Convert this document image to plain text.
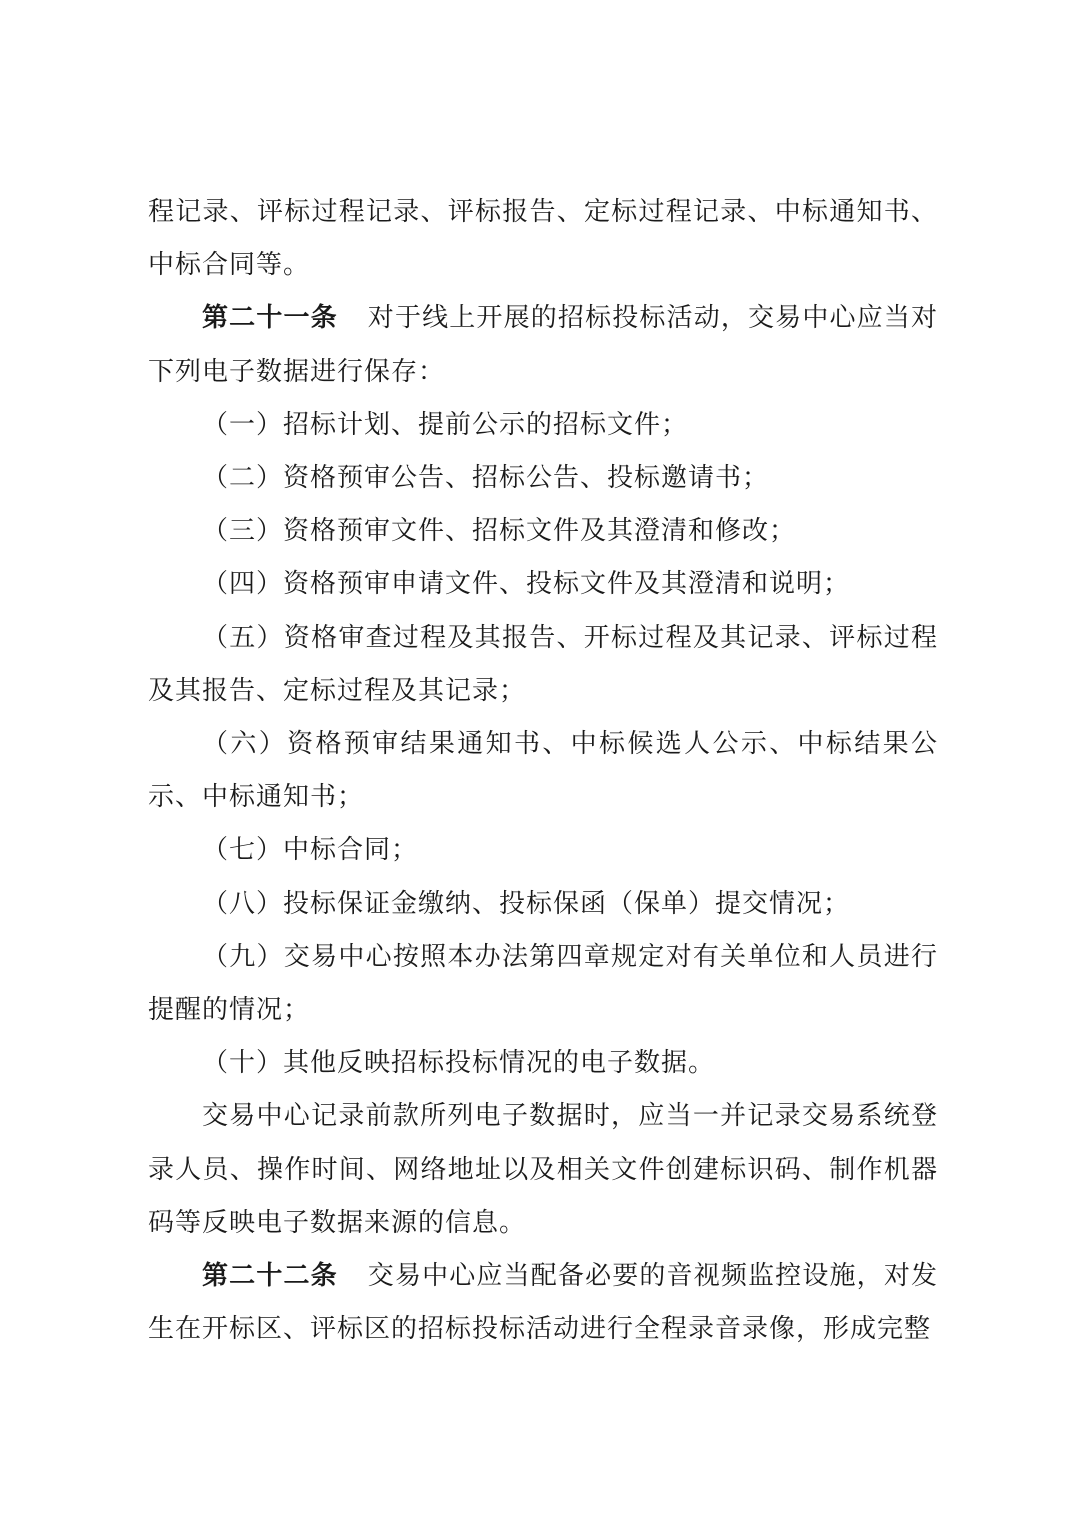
程记录、评标过程记录、评标报告、定标过程记录、中标通知书、中标合同等。

第二十一条 对于线上开展的招标投标活动，交易中心应当对下列电子数据进行保存：

（一）招标计划、提前公示的招标文件；

（二）资格预审公告、招标公告、投标邀请书；

（三）资格预审文件、招标文件及其澄清和修改；

（四）资格预审申请文件、投标文件及其澄清和说明；

（五）资格审查过程及其报告、开标过程及其记录、评标过程及其报告、定标过程及其记录；

（六）资格预审结果通知书、中标候选人公示、中标结果公示、中标通知书；

（七）中标合同；

（八）投标保证金缴纳、投标保函（保单）提交情况；

（九）交易中心按照本办法第四章规定对有关单位和人员进行提醒的情况；

（十）其他反映招标投标情况的电子数据。

交易中心记录前款所列电子数据时，应当一并记录交易系统登录人员、操作时间、网络地址以及相关文件创建标识码、制作机器码等反映电子数据来源的信息。

第二十二条 交易中心应当配备必要的音视频监控设施，对发生在开标区、评标区的招标投标活动进行全程录音录像，形成完整
